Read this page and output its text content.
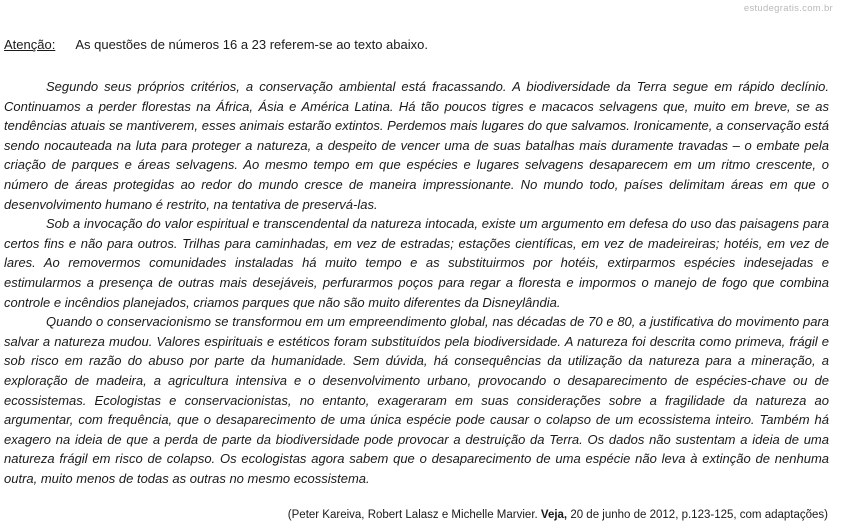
estudegratis.com.br
Atenção: As questões de números 16 a 23 referem-se ao texto abaixo.

Segundo seus próprios critérios, a conservação ambiental está fracassando. A biodiversidade da Terra segue em rápido declínio. Continuamos a perder florestas na África, Ásia e América Latina. Há tão poucos tigres e macacos selvagens que, muito em breve, se as tendências atuais se mantiverem, esses animais estarão extintos. Perdemos mais lugares do que salvamos. Ironicamente, a conservação está sendo nocauteada na luta para proteger a natureza, a despeito de vencer uma de suas batalhas mais duramente travadas – o embate pela criação de parques e áreas selvagens. Ao mesmo tempo em que espécies e lugares selvagens desaparecem em um ritmo crescente, o número de áreas protegidas ao redor do mundo cresce de maneira impressionante. No mundo todo, países delimitam áreas em que o desenvolvimento humano é restrito, na tentativa de preservá-las.

Sob a invocação do valor espiritual e transcendental da natureza intocada, existe um argumento em defesa do uso das paisagens para certos fins e não para outros. Trilhas para caminhadas, em vez de estradas; estações científicas, em vez de madeireiras; hotéis, em vez de lares. Ao removermos comunidades instaladas há muito tempo e as substituirmos por hotéis, extirparmos espécies indesejadas e estimularmos a presença de outras mais desejáveis, perfurarmos poços para regar a floresta e impormos o manejo de fogo que combina controle e incêndios planejados, criamos parques que não são muito diferentes da Disneylândia.

Quando o conservacionismo se transformou em um empreendimento global, nas décadas de 70 e 80, a justificativa do movimento para salvar a natureza mudou. Valores espirituais e estéticos foram substituídos pela biodiversidade. A natureza foi descrita como primeva, frágil e sob risco em razão do abuso por parte da humanidade. Sem dúvida, há consequências da utilização da natureza para a mineração, a exploração de madeira, a agricultura intensiva e o desenvolvimento urbano, provocando o desaparecimento de espécies-chave ou de ecossistemas. Ecologistas e conservacionistas, no entanto, exageraram em suas considerações sobre a fragilidade da natureza ao argumentar, com frequência, que o desaparecimento de uma única espécie pode causar o colapso de um ecossistema inteiro. Também há exagero na ideia de que a perda de parte da biodiversidade pode provocar a destruição da Terra. Os dados não sustentam a ideia de uma natureza frágil em risco de colapso. Os ecologistas agora sabem que o desaparecimento de uma espécie não leva à extinção de nenhuma outra, muito menos de todas as outras no mesmo ecossistema.

(Peter Kareiva, Robert Lalasz e Michelle Marvier. Veja, 20 de junho de 2012, p.123-125, com adaptações)
